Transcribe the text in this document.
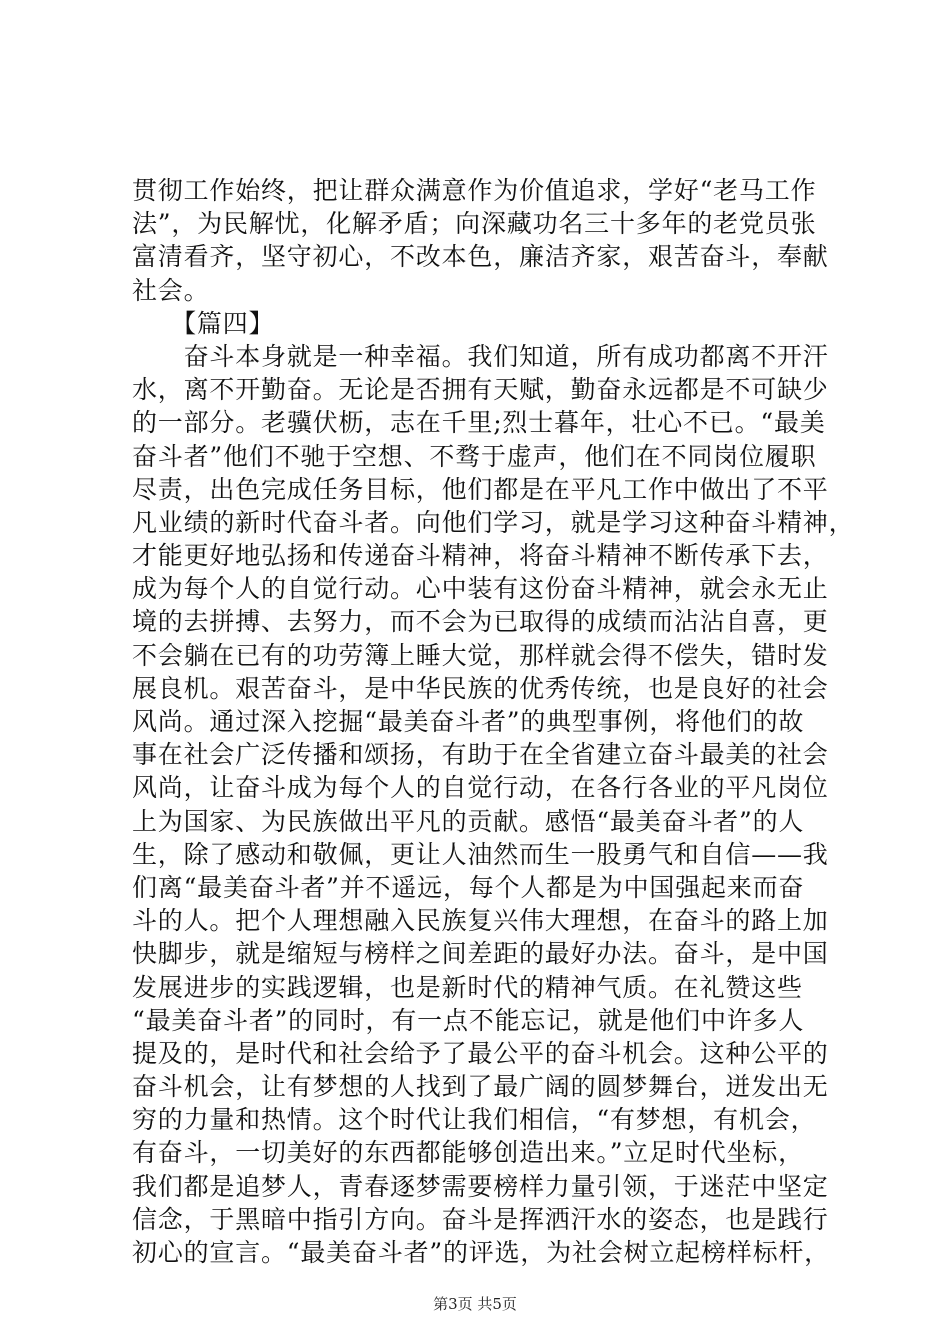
贯彻工作始终，把让群众满意作为价值追求，学好“老马工作
法”，为民解忧，化解矛盾；向深藏功名三十多年的老党员张
富清看齐，坚守初心，不改本色，廉洁齐家，艰苦奋斗，奉献
社会。
　　【篇四】
　　奋斗本身就是一种幸福。我们知道，所有成功都离不开汗
水，离不开勤奋。无论是否拥有天赋，勤奋永远都是不可缺少
的一部分。老骥伏枥，志在千里;烈士暮年，壮心不已。“最美
奋斗者”他们不驰于空想、不骛于虚声，他们在不同岗位履职
尽责，出色完成任务目标，他们都是在平凡工作中做出了不平
凡业绩的新时代奋斗者。向他们学习，就是学习这种奋斗精神，
才能更好地弘扬和传递奋斗精神，将奋斗精神不断传承下去，
成为每个人的自觉行动。心中装有这份奋斗精神，就会永无止
境的去拼搏、去努力，而不会为已取得的成绩而沾沾自喜，更
不会躺在已有的功劳簿上睡大觉，那样就会得不偿失，错时发
展良机。艰苦奋斗，是中华民族的优秀传统，也是良好的社会
风尚。通过深入挖掘“最美奋斗者”的典型事例，将他们的故
事在社会广泛传播和颂扬，有助于在全省建立奋斗最美的社会
风尚，让奋斗成为每个人的自觉行动，在各行各业的平凡岗位
上为国家、为民族做出平凡的贡献。感悟“最美奋斗者”的人
生，除了感动和敬佩，更让人油然而生一股勇气和自信——我
们离“最美奋斗者”并不遥远，每个人都是为中国强起来而奋
斗的人。把个人理想融入民族复兴伟大理想，在奋斗的路上加
快脚步，就是缩短与榜样之间差距的最好办法。奋斗，是中国
发展进步的实践逻辑，也是新时代的精神气质。在礼赞这些
“最美奋斗者”的同时，有一点不能忘记，就是他们中许多人
提及的，是时代和社会给予了最公平的奋斗机会。这种公平的
奋斗机会，让有梦想的人找到了最广阔的圆梦舞台，迸发出无
穷的力量和热情。这个时代让我们相信，“有梦想，有机会，
有奋斗，一切美好的东西都能够创造出来。”立足时代坐标，
我们都是追梦人，青春逐梦需要榜样力量引领，于迷茫中坚定
信念，于黑暗中指引方向。奋斗是挥洒汗水的姿态，也是践行
初心的宣言。“最美奋斗者”的评选，为社会树立起榜样标杆，
第3页 共5页
